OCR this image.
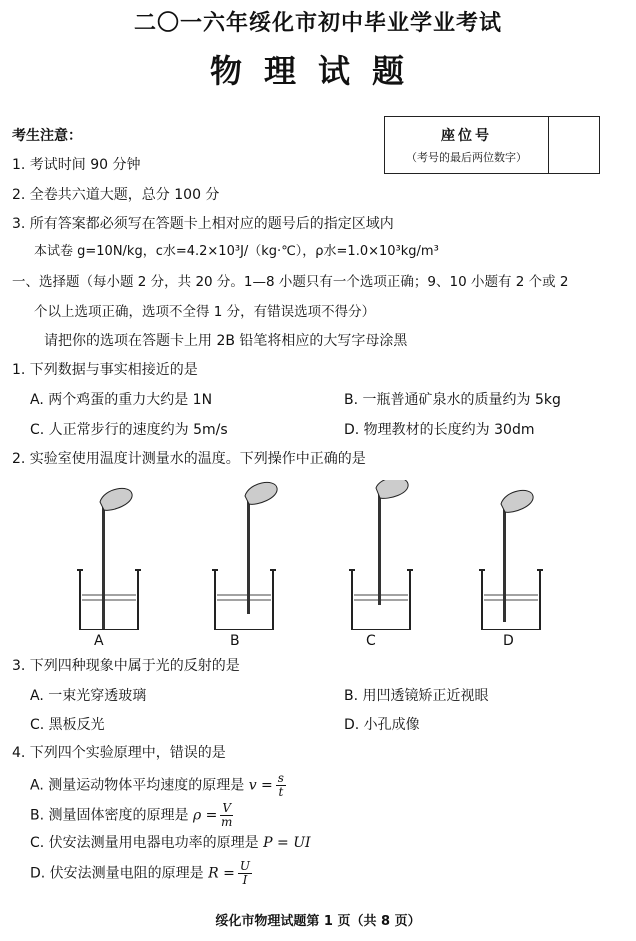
二〇一六年绥化市初中毕业学业考试
物理试题
座位号
（考号的最后两位数字）
考生注意：
1. 考试时间 90 分钟
2. 全卷共六道大题，总分 100 分
3. 所有答案都必须写在答题卡上相对应的题号后的指定区域内
本试卷 g=10N/kg，c水=4.2×10³J/（kg·℃），ρ水=1.0×10³kg/m³
一、选择题（每小题 2 分，共 20 分。1—8 小题只有一个选项正确；9、10 小题有 2 个或 2
个以上选项正确，选项不全得 1 分，有错误选项不得分）
请把你的选项在答题卡上用 2B 铅笔将相应的大写字母涂黑
1. 下列数据与事实相接近的是
A. 两个鸡蛋的重力大约是 1N	B. 一瓶普通矿泉水的质量约为 5kg
C. 人正常步行的速度约为 5m/s	D. 物理教材的长度约为 30dm
2. 实验室使用温度计测量水的温度。下列操作中正确的是
A	B	C	D
3. 下列四种现象中属于光的反射的是
A. 一束光穿透玻璃	B. 用凹透镜矫正近视眼
C. 黑板反光	D. 小孔成像
4. 下列四个实验原理中，错误的是
A. 测量运动物体平均速度的原理是 $v = \frac{s}{t}$
B. 测量固体密度的原理是 $\rho = \frac{V}{m}$
C. 伏安法测量用电器电功率的原理是 P = UI
D. 伏安法测量电阻的原理是 $R = \frac{U}{I}$
绥化市物理试题第 1 页（共 8 页）
